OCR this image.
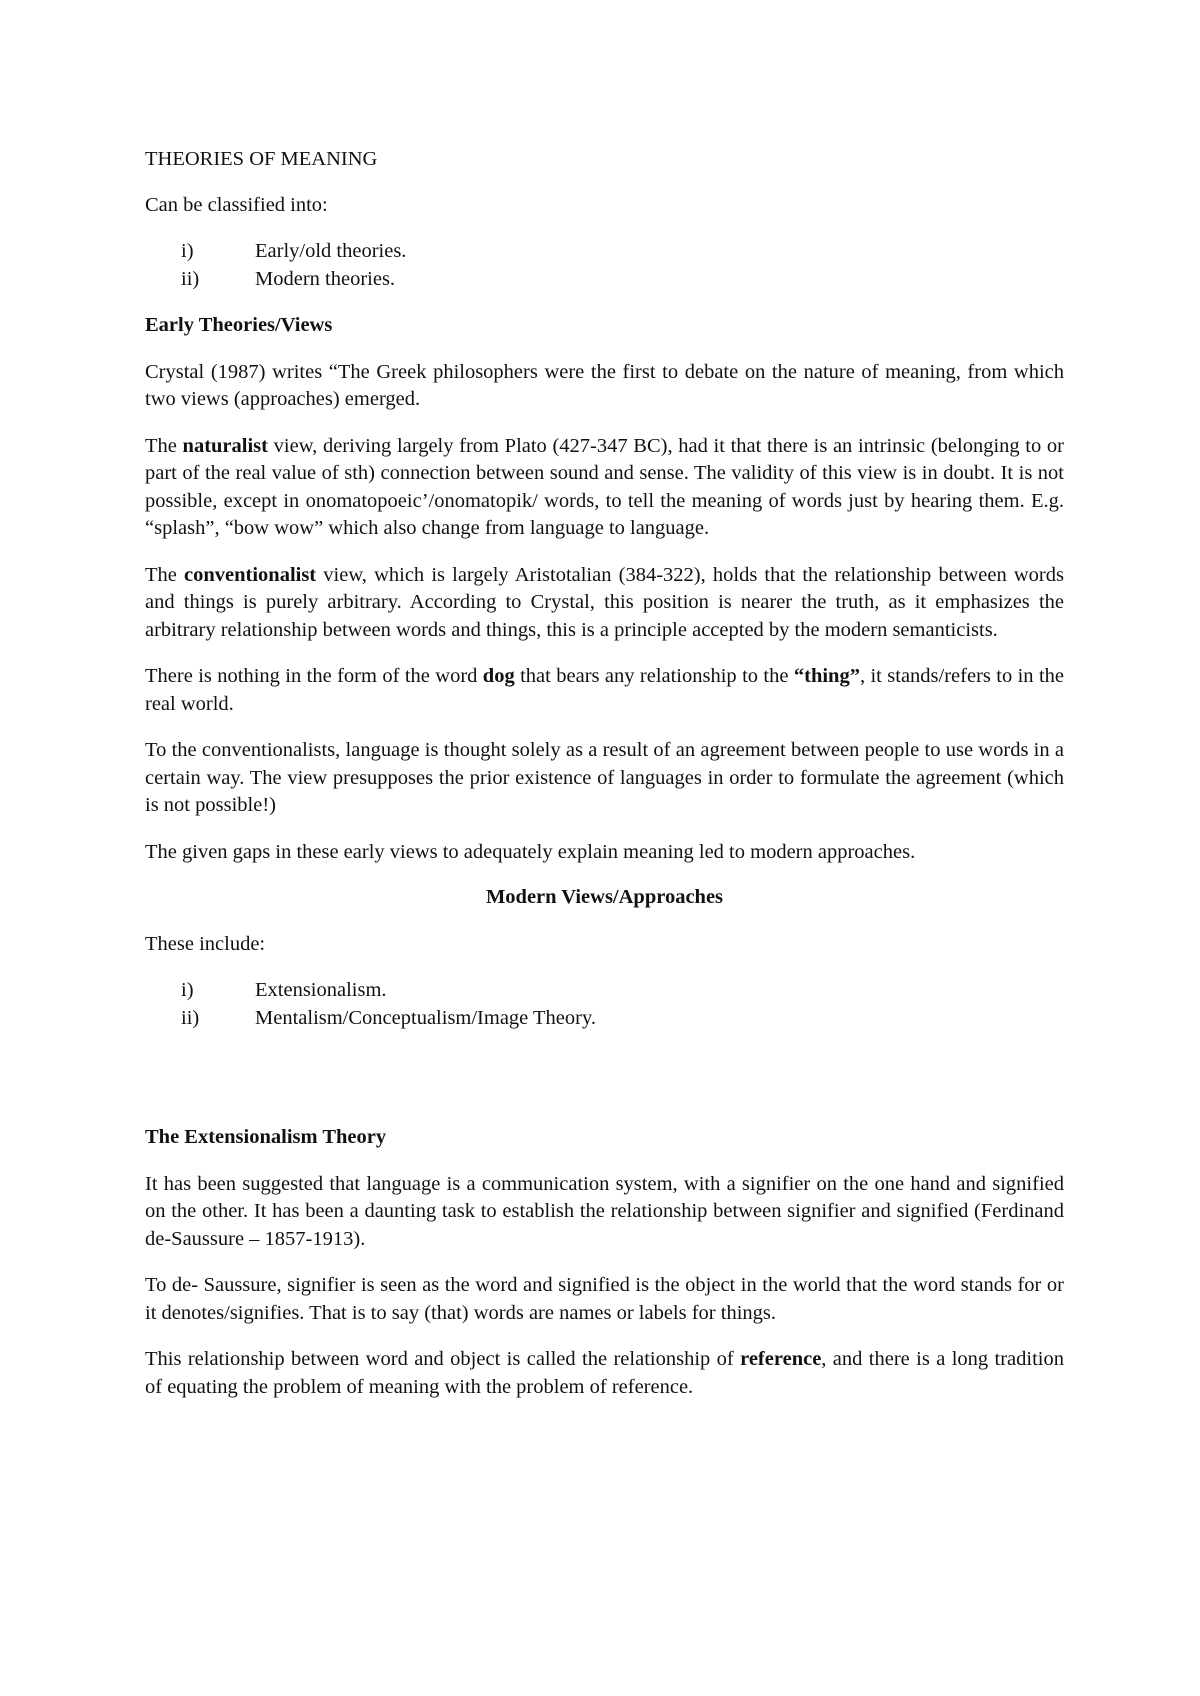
THEORIES OF MEANING

Can be classified into:

i)	Early/old theories.
ii)	Modern theories.

Early Theories/Views

Crystal (1987) writes “The Greek philosophers were the first to debate on the nature of meaning, from which two views (approaches) emerged.

The naturalist view, deriving largely from Plato (427-347 BC), had it that there is an intrinsic (belonging to or part of the real value of sth) connection between sound and sense. The validity of this view is in doubt. It is not possible, except in onomatopoeic’/onomatopik/ words, to tell the meaning of words just by hearing them. E.g. “splash”, “bow wow” which also change from language to language.

The conventionalist view, which is largely Aristotalian (384-322), holds that the relationship between words and things is purely arbitrary. According to Crystal, this position is nearer the truth, as it emphasizes the arbitrary relationship between words and things, this is a principle accepted by the modern semanticists.

There is nothing in the form of the word dog that bears any relationship to the “thing”, it stands/refers to in the real world.

To the conventionalists, language is thought solely as a result of an agreement between people to use words in a certain way. The view presupposes the prior existence of languages in order to formulate the agreement (which is not possible!)

The given gaps in these early views to adequately explain meaning led to modern approaches.

Modern Views/Approaches

These include:

i)	Extensionalism.
ii)	Mentalism/Conceptualism/Image Theory.

The Extensionalism Theory

It has been suggested that language is a communication system, with a signifier on the one hand and signified on the other. It has been a daunting task to establish the relationship between signifier and signified (Ferdinand de-Saussure – 1857-1913).

To de- Saussure, signifier is seen as the word and signified is the object in the world that the word stands for or it denotes/signifies. That is to say (that) words are names or labels for things.

This relationship between word and object is called the relationship of reference, and there is a long tradition of equating the problem of meaning with the problem of reference.
